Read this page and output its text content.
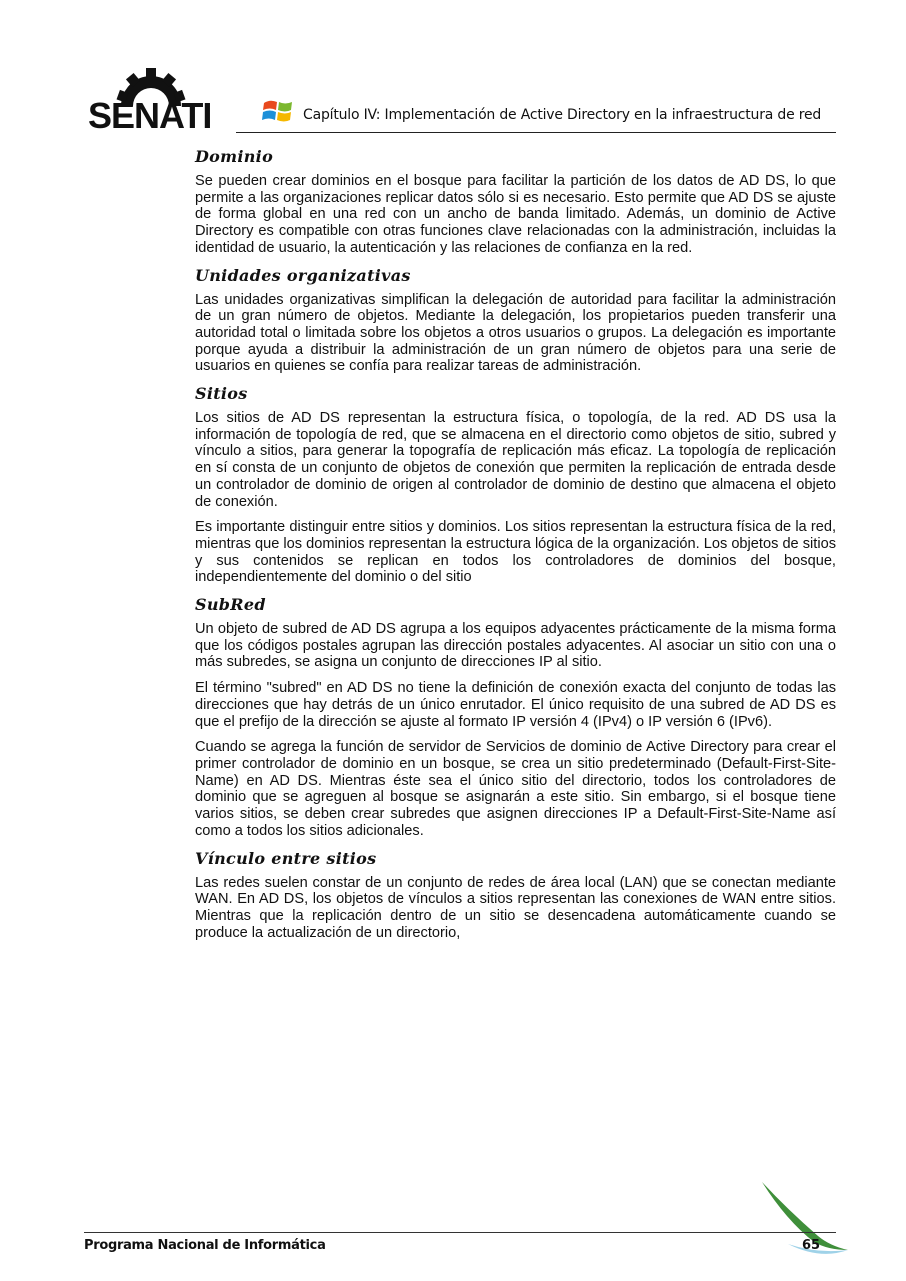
SENATI	Capítulo IV: Implementación de Active Directory en la infraestructura de red
Dominio

Se pueden crear dominios en el bosque para facilitar la partición de los datos de AD DS, lo que permite a las organizaciones replicar datos sólo si es necesario. Esto permite que AD DS se ajuste de forma global en una red con un ancho de banda limitado. Además, un dominio de Active Directory es compatible con otras funciones clave relacionadas con la administración, incluidas la identidad de usuario, la autenticación y las relaciones de confianza en la red.

Unidades organizativas

Las unidades organizativas simplifican la delegación de autoridad para facilitar la administración de un gran número de objetos. Mediante la delegación, los propietarios pueden transferir una autoridad total o limitada sobre los objetos a otros usuarios o grupos. La delegación es importante porque ayuda a distribuir la administración de un gran número de objetos para una serie de usuarios en quienes se confía para realizar tareas de administración.

Sitios

Los sitios de AD DS representan la estructura física, o topología, de la red. AD DS usa la información de topología de red, que se almacena en el directorio como objetos de sitio, subred y vínculo a sitios, para generar la topografía de replicación más eficaz. La topología de replicación en sí consta de un conjunto de objetos de conexión que permiten la replicación de entrada desde un controlador de dominio de origen al controlador de dominio de destino que almacena el objeto de conexión.

Es importante distinguir entre sitios y dominios. Los sitios representan la estructura física de la red, mientras que los dominios representan la estructura lógica de la organización. Los objetos de sitios y sus contenidos se replican en todos los controladores de dominios del bosque, independientemente del dominio o del sitio

SubRed

Un objeto de subred de AD DS agrupa a los equipos adyacentes prácticamente de la misma forma que los códigos postales agrupan las dirección postales adyacentes. Al asociar un sitio con una o más subredes, se asigna un conjunto de direcciones IP al sitio.

El término "subred" en AD DS no tiene la definición de conexión exacta del conjunto de todas las direcciones que hay detrás de un único enrutador. El único requisito de una subred de AD DS es que el prefijo de la dirección se ajuste al formato IP versión 4 (IPv4) o IP versión 6 (IPv6).

Cuando se agrega la función de servidor de Servicios de dominio de Active Directory para crear el primer controlador de dominio en un bosque, se crea un sitio predeterminado (Default-First-Site-Name) en AD DS. Mientras éste sea el único sitio del directorio, todos los controladores de dominio que se agreguen al bosque se asignarán a este sitio. Sin embargo, si el bosque tiene varios sitios, se deben crear subredes que asignen direcciones IP a Default-First-Site-Name así como a todos los sitios adicionales.

Vínculo entre sitios

Las redes suelen constar de un conjunto de redes de área local (LAN) que se conectan mediante WAN. En AD DS, los objetos de vínculos a sitios representan las conexiones de WAN entre sitios. Mientras que la replicación dentro de un sitio se desencadena automáticamente cuando se produce la actualización de un directorio,

Programa Nacional de Informática	65
